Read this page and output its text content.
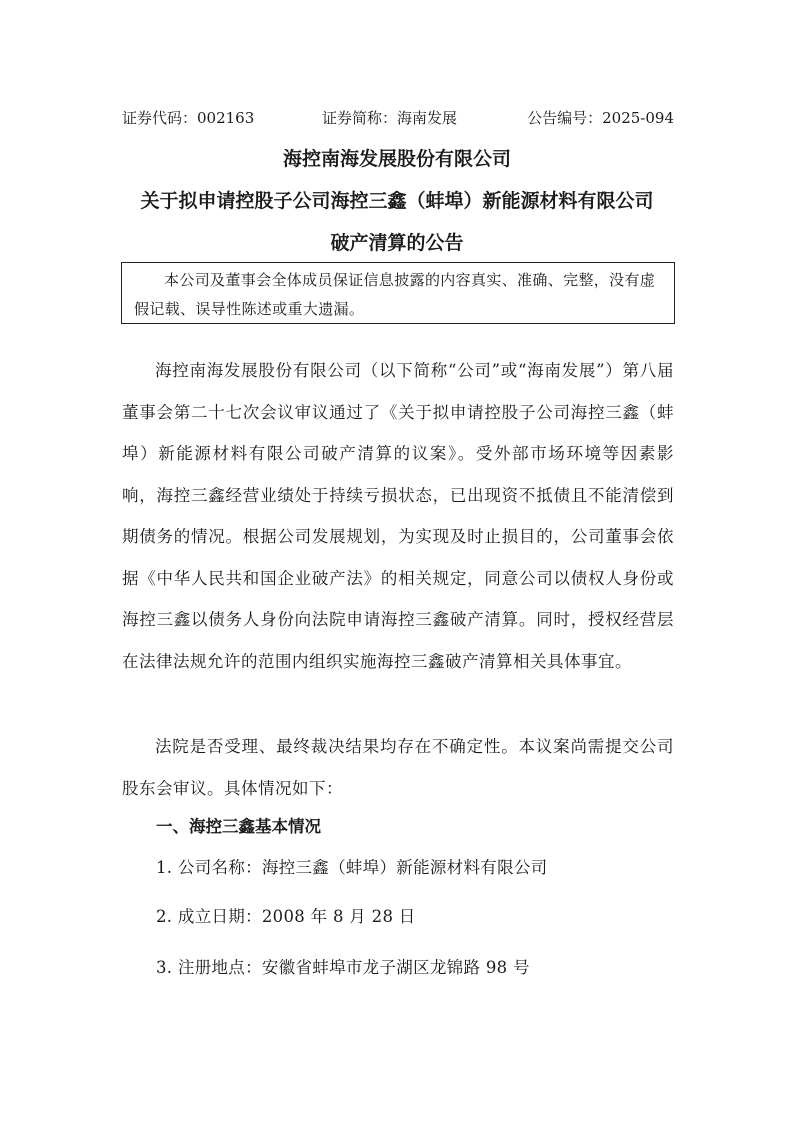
证券代码：002163	证券简称：海南发展	公告编号：2025-094
海控南海发展股份有限公司
关于拟申请控股子公司海控三鑫（蚌埠）新能源材料有限公司
破产清算的公告
本公司及董事会全体成员保证信息披露的内容真实、准确、完整，没有虚
假记载、误导性陈述或重大遗漏。
海控南海发展股份有限公司（以下简称“公司”或“海南发展”）第八届董事会第二十七次会议审议通过了《关于拟申请控股子公司海控三鑫（蚌埠）新能源材料有限公司破产清算的议案》。受外部市场环境等因素影响，海控三鑫经营业绩处于持续亏损状态，已出现资不抵债且不能清偿到期债务的情况。根据公司发展规划，为实现及时止损目的，公司董事会依据《中华人民共和国企业破产法》的相关规定，同意公司以债权人身份或海控三鑫以债务人身份向法院申请海控三鑫破产清算。同时，授权经营层在法律法规允许的范围内组织实施海控三鑫破产清算相关具体事宜。
法院是否受理、最终裁决结果均存在不确定性。本议案尚需提交公司股东会审议。具体情况如下：
一、海控三鑫基本情况
1. 公司名称：海控三鑫（蚌埠）新能源材料有限公司
2. 成立日期：2008 年 8 月 28 日
3. 注册地点：安徽省蚌埠市龙子湖区龙锦路 98 号
